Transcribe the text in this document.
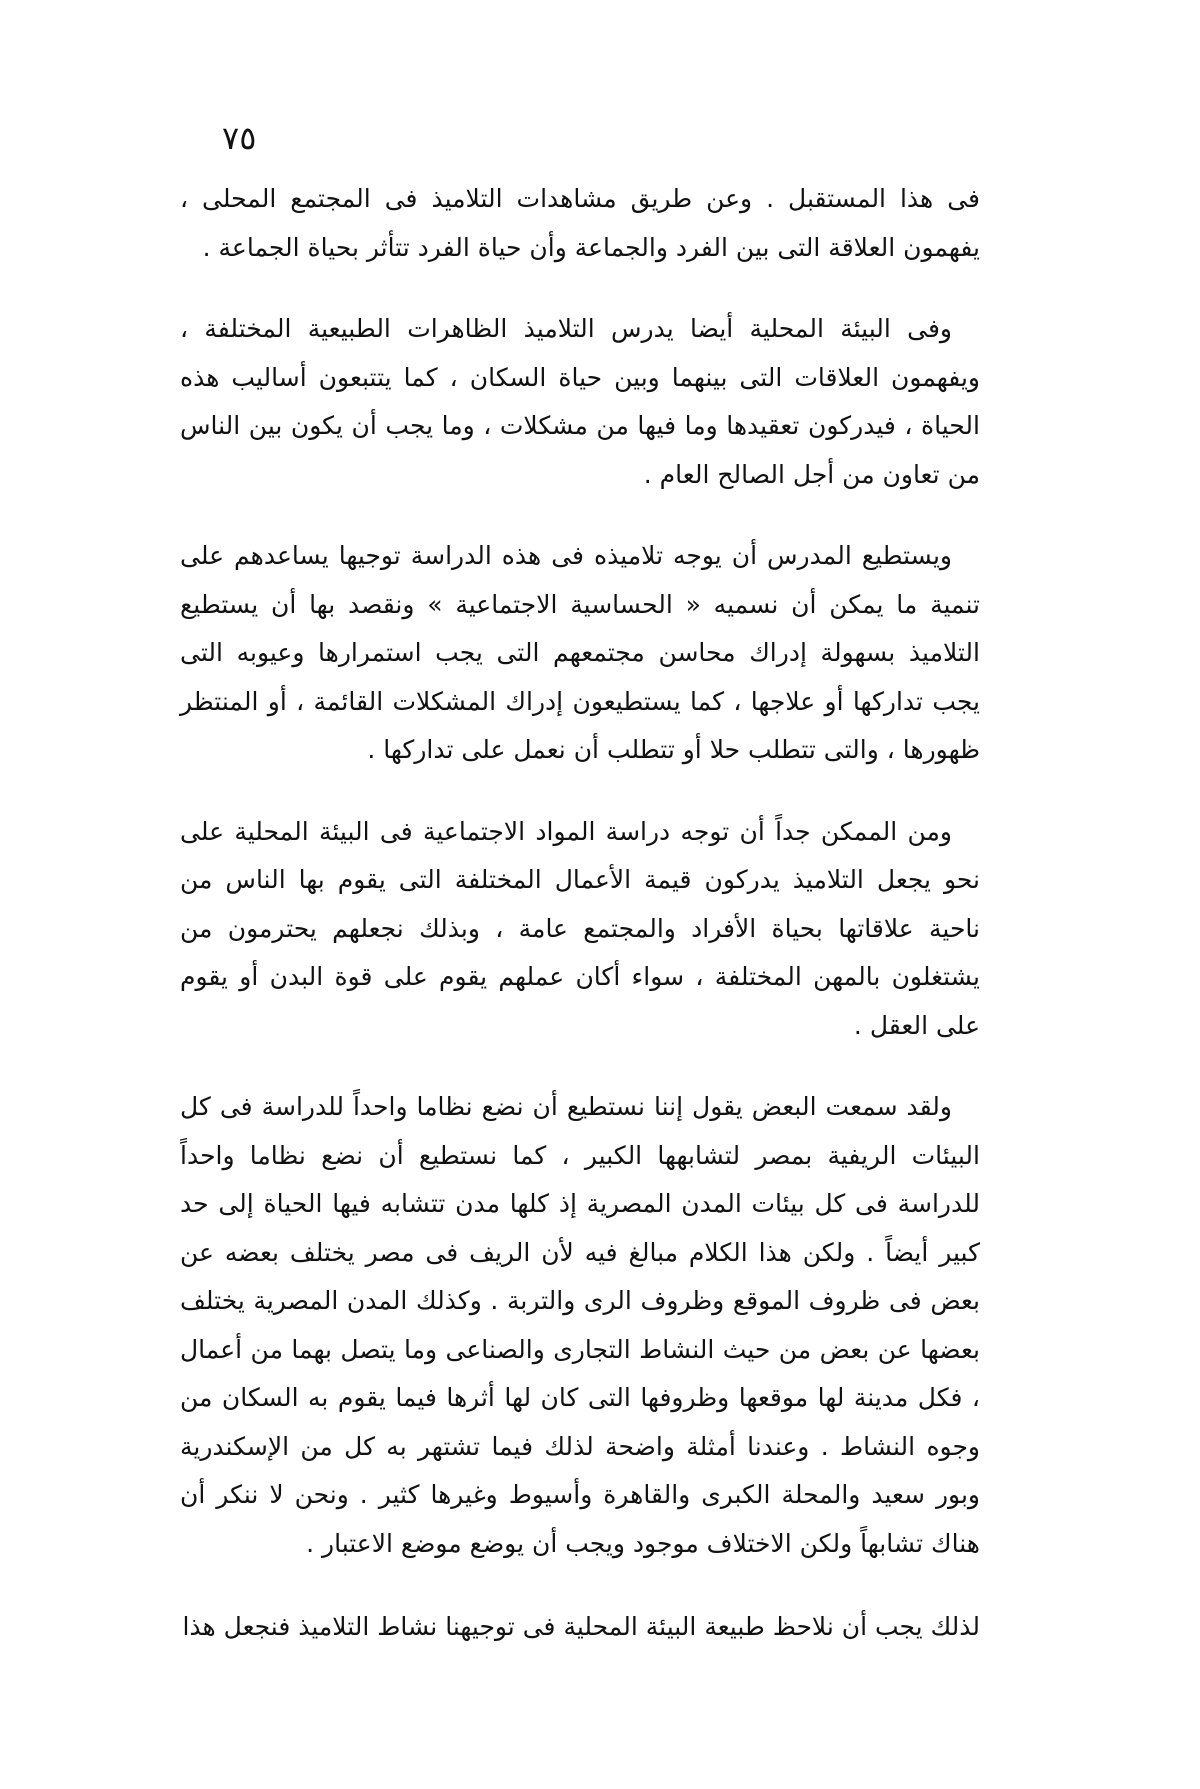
٧٥

فى هذا المستقبل . وعن طريق مشاهدات التلاميذ فى المجتمع المحلى ، يفهمون العلاقة التى بين الفرد والجماعة وأن حياة الفرد تتأثر بحياة الجماعة .

وفى البيئة المحلية أيضا يدرس التلاميذ الظاهرات الطبيعية المختلفة ، ويفهمون العلاقات التى بينهما وبين حياة السكان ، كما يتتبعون أساليب هذه الحياة ، فيدركون تعقيدها وما فيها من مشكلات ، وما يجب أن يكون بين الناس من تعاون من أجل الصالح العام .

ويستطيع المدرس أن يوجه تلاميذه فى هذه الدراسة توجيها يساعدهم على تنمية ما يمكن أن نسميه « الحساسية الاجتماعية » ونقصد بها أن يستطيع التلاميذ بسهولة إدراك محاسن مجتمعهم التى يجب استمرارها وعيوبه التى يجب تداركها أو علاجها ، كما يستطيعون إدراك المشكلات القائمة ، أو المنتظر ظهورها ، والتى تتطلب حلا أو تتطلب أن نعمل على تداركها .

ومن الممكن جداً أن توجه دراسة المواد الاجتماعية فى البيئة المحلية على نحو يجعل التلاميذ يدركون قيمة الأعمال المختلفة التى يقوم بها الناس من ناحية علاقاتها بحياة الأفراد والمجتمع عامة ، وبذلك نجعلهم يحترمون من يشتغلون بالمهن المختلفة ، سواء أكان عملهم يقوم على قوة البدن أو يقوم على العقل .

ولقد سمعت البعض يقول إننا نستطيع أن نضع نظاما واحداً للدراسة فى كل البيئات الريفية بمصر لتشابهها الكبير ، كما نستطيع أن نضع نظاما واحداً للدراسة فى كل بيئات المدن المصرية إذ كلها مدن تتشابه فيها الحياة إلى حد كبير أيضاً . ولكن هذا الكلام مبالغ فيه لأن الريف فى مصر يختلف بعضه عن بعض فى ظروف الموقع وظروف الرى والتربة . وكذلك المدن المصرية يختلف بعضها عن بعض من حيث النشاط التجارى والصناعى وما يتصل بهما من أعمال ، فكل مدينة لها موقعها وظروفها التى كان لها أثرها فيما يقوم به السكان من وجوه النشاط . وعندنا أمثلة واضحة لذلك فيما تشتهر به كل من الإسكندرية وبور سعيد والمحلة الكبرى والقاهرة وأسيوط وغيرها كثير . ونحن لا ننكر أن هناك تشابهاً ولكن الاختلاف موجود ويجب أن يوضع موضع الاعتبار .

لذلك يجب أن نلاحظ طبيعة البيئة المحلية فى توجيهنا نشاط التلاميذ فنجعل هذا
